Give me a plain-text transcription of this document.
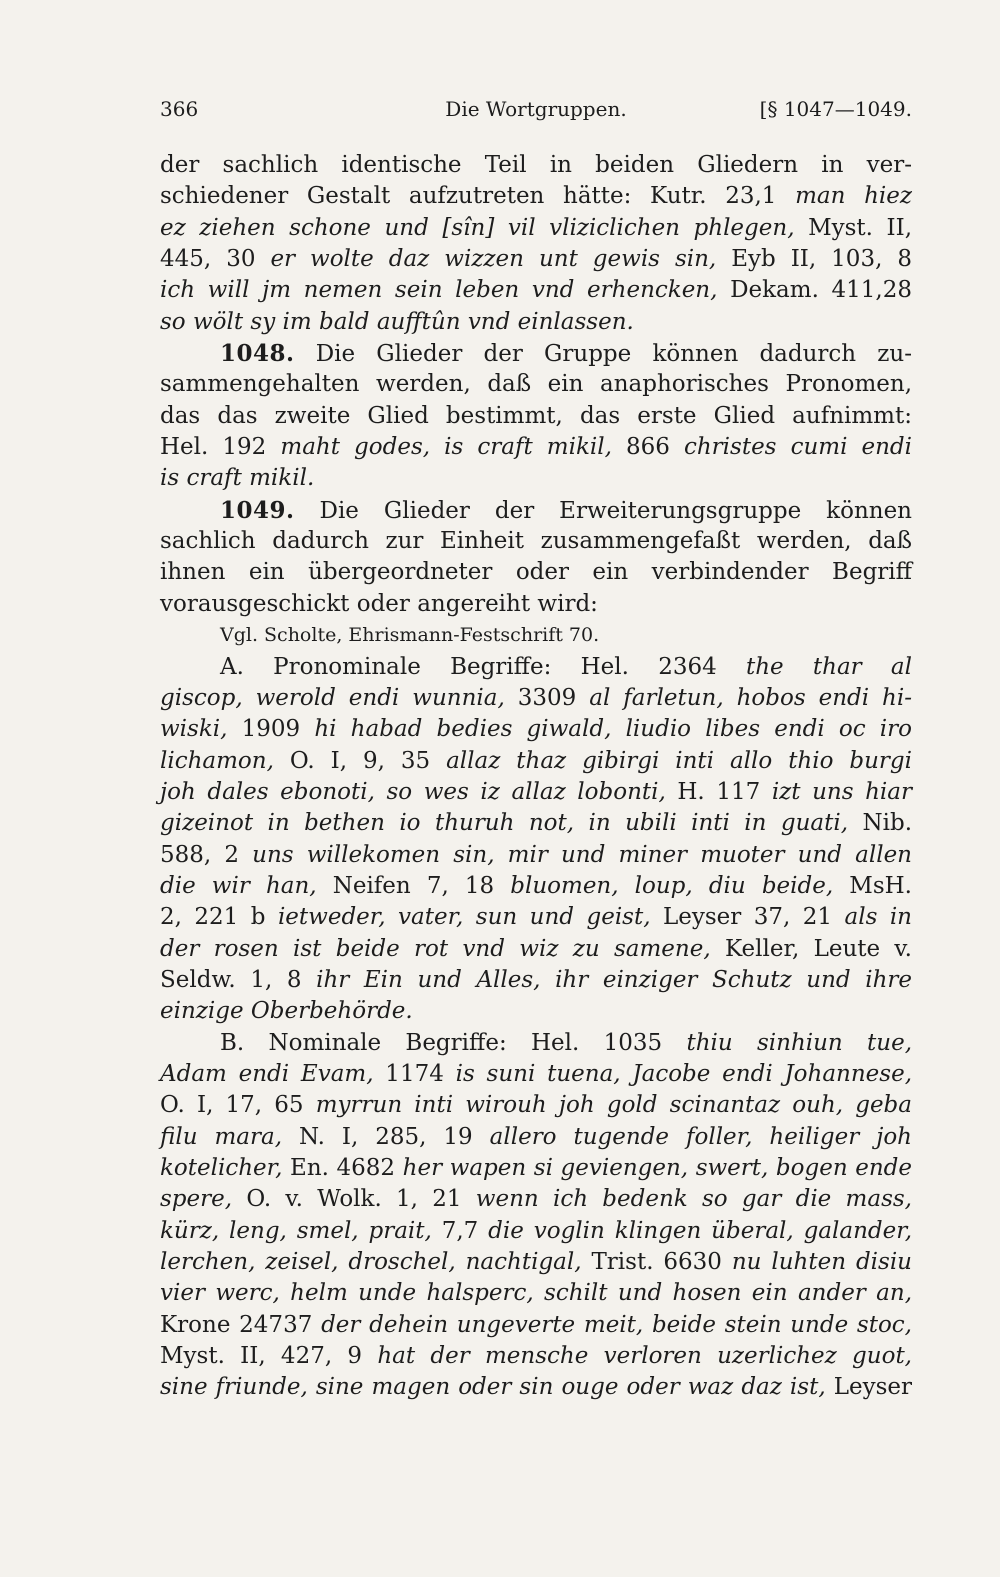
366	Die Wortgruppen.	[§ 1047—1049.
der sachlich identische Teil in beiden Gliedern in ver-
schiedener Gestalt aufzutreten hätte: Kutr. 23,1 man hiez
ez ziehen schone und [sîn] vil vliziclichen phlegen, Myst. II,
445, 30 er wolte daz wizzen unt gewis sin, Eyb II, 103, 8
ich will jm nemen sein leben vnd erhencken, Dekam. 411,28
so wölt sy im bald aufftûn vnd einlassen.
1048. Die Glieder der Gruppe können dadurch zu-
sammengehalten werden, daß ein anaphorisches Pronomen,
das das zweite Glied bestimmt, das erste Glied aufnimmt:
Hel. 192 maht godes, is craft mikil, 866 christes cumi endi
is craft mikil.
1049. Die Glieder der Erweiterungsgruppe können
sachlich dadurch zur Einheit zusammengefaßt werden, daß
ihnen ein übergeordneter oder ein verbindender Begriff
vorausgeschickt oder angereiht wird:
Vgl. Scholte, Ehrismann-Festschrift 70.
A. Pronominale Begriffe: Hel. 2364 the thar al
giscop, werold endi wunnia, 3309 al farletun, hobos endi hi-
wiski, 1909 hi habad bedies giwald, liudio libes endi oc iro
lichamon, O. I, 9, 35 allaz thaz gibirgi inti allo thio burgi
joh dales ebonoti, so wes iz allaz lobonti, H. 117 izt uns hiar
gizeinot in bethen io thuruh not, in ubili inti in guati, Nib.
588, 2 uns willekomen sin, mir und miner muoter und allen
die wir han, Neifen 7, 18 bluomen, loup, diu beide, MsH.
2, 221 b ietweder, vater, sun und geist, Leyser 37, 21 als in
der rosen ist beide rot vnd wiz zu samene, Keller, Leute v.
Seldw. 1, 8 ihr Ein und Alles, ihr einziger Schutz und ihre
einzige Oberbehörde.
B. Nominale Begriffe: Hel. 1035 thiu sinhiun tue,
Adam endi Evam, 1174 is suni tuena, Jacobe endi Johannese,
O. I, 17, 65 myrrun inti wirouh joh gold scinantaz ouh, geba
filu mara, N. I, 285, 19 allero tugende foller, heiliger joh
kotelicher, En. 4682 her wapen si geviengen, swert, bogen ende
spere, O. v. Wolk. 1, 21 wenn ich bedenk so gar die mass,
kürz, leng, smel, prait, 7,7 die voglin klingen überal, galander,
lerchen, zeisel, droschel, nachtigal, Trist. 6630 nu luhten disiu
vier werc, helm unde halsperc, schilt und hosen ein ander an,
Krone 24737 der dehein ungeverte meit, beide stein unde stoc,
Myst. II, 427, 9 hat der mensche verloren uzerlichez guot,
sine friunde, sine magen oder sin ouge oder waz daz ist, Leyser
